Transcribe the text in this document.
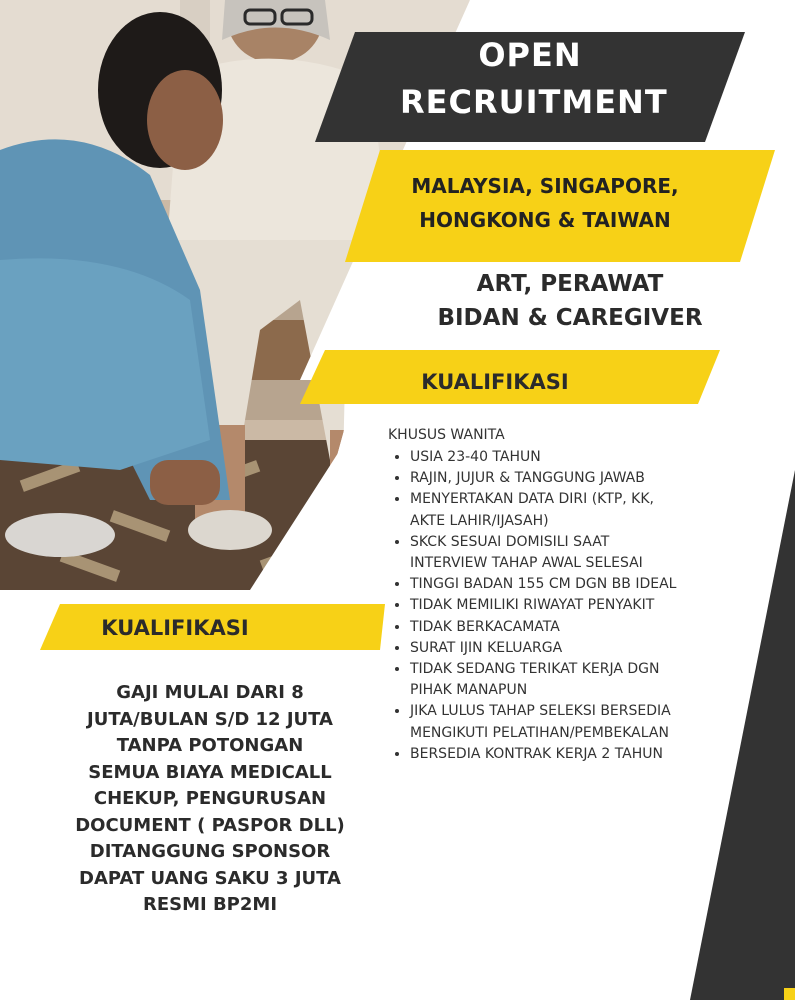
OPEN
RECRUITMENT
MALAYSIA, SINGAPORE,
HONGKONG & TAIWAN
ART, PERAWAT
BIDAN & CAREGIVER
KUALIFIKASI

KHUSUS WANITA

• USIA 23-40 TAHUN
• RAJIN, JUJUR & TANGGUNG JAWAB
• MENYERTAKAN DATA DIRI (KTP, KK, AKTE LAHIR/IJASAH)
• SKCK SESUAI DOMISILI SAAT INTERVIEW TAHAP AWAL SELESAI
• TINGGI BADAN 155 CM DGN BB IDEAL
• TIDAK MEMILIKI RIWAYAT PENYAKIT
• TIDAK BERKACAMATA
• SURAT IJIN KELUARGA
• TIDAK SEDANG TERIKAT KERJA DGN PIHAK MANAPUN
• JIKA LULUS TAHAP SELEKSI BERSEDIA MENGIKUTI PELATIHAN/PEMBEKALAN
• BERSEDIA KONTRAK KERJA 2 TAHUN
KUALIFIKASI
GAJI MULAI DARI 8
JUTA/BULAN S/D 12 JUTA
TANPA POTONGAN
SEMUA BIAYA MEDICALL
CHEKUP, PENGURUSAN
DOCUMENT ( PASPOR DLL)
DITANGGUNG SPONSOR
DAPAT UANG SAKU 3 JUTA
RESMI BP2MI
